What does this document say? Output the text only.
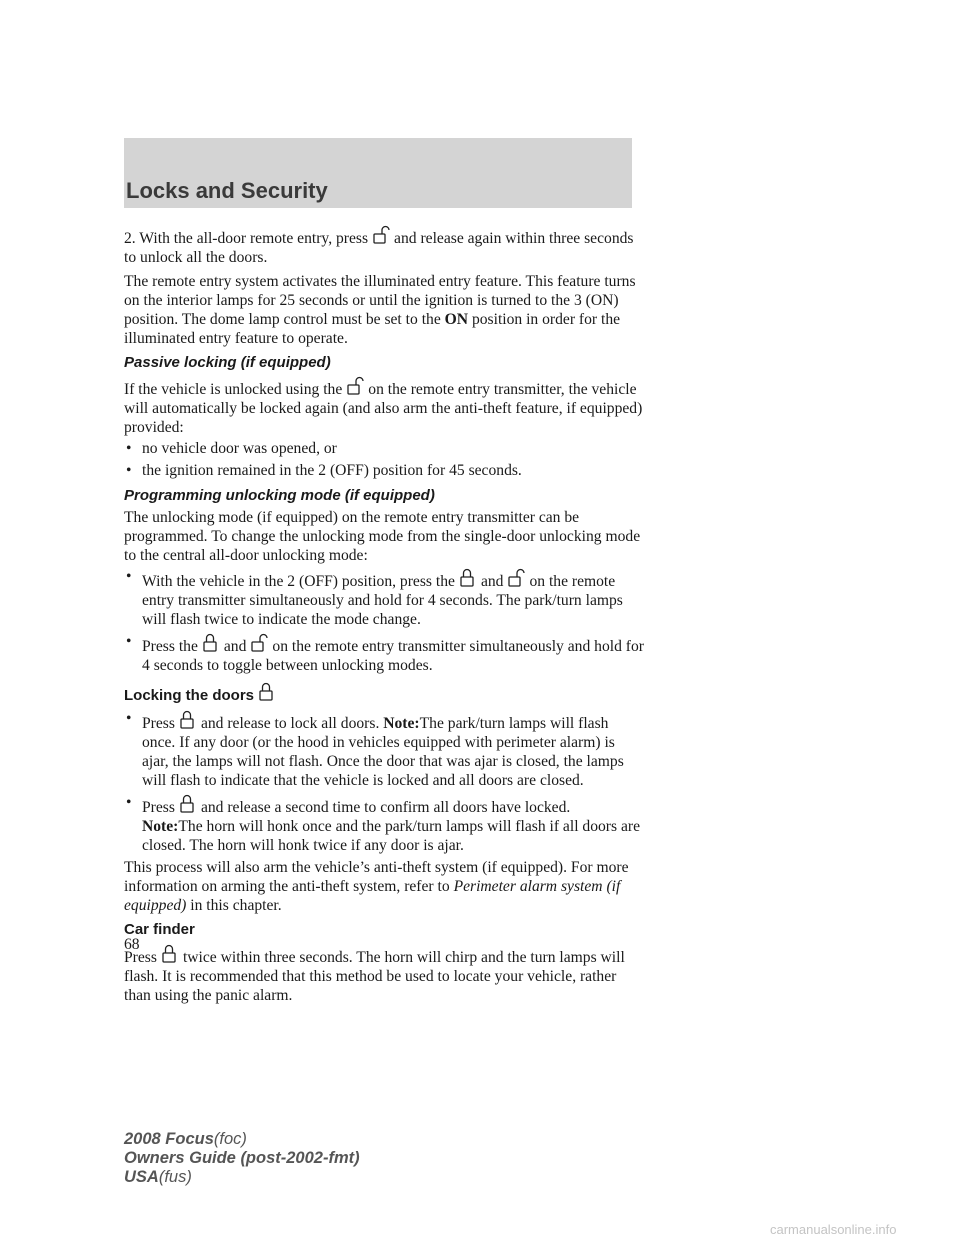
Locks and Security

2. With the all-door remote entry, press and release again within three seconds to unlock all the doors.

The remote entry system activates the illuminated entry feature. This feature turns on the interior lamps for 25 seconds or until the ignition is turned to the 3 (ON) position. The dome lamp control must be set to the ON position in order for the illuminated entry feature to operate.

Passive locking (if equipped)

If the vehicle is unlocked using the on the remote entry transmitter, the vehicle will automatically be locked again (and also arm the anti-theft feature, if equipped) provided:

• no vehicle door was opened, or
• the ignition remained in the 2 (OFF) position for 45 seconds.
Programming unlocking mode (if equipped)

The unlocking mode (if equipped) on the remote entry transmitter can be programmed. To change the unlocking mode from the single-door unlocking mode to the central all-door unlocking mode:

• With the vehicle in the 2 (OFF) position, press the and on the remote entry transmitter simultaneously and hold for 4 seconds. The park/turn lamps will flash twice to indicate the mode change.
• Press the and on the remote entry transmitter simultaneously and hold for 4 seconds to toggle between unlocking modes.
Locking the doors
• Press and release to lock all doors. Note:The park/turn lamps will flash once. If any door (or the hood in vehicles equipped with perimeter alarm) is ajar, the lamps will not flash. Once the door that was ajar is closed, the lamps will flash to indicate that the vehicle is locked and all doors are closed.
• Press and release a second time to confirm all doors have locked.
Note:The horn will honk once and the park/turn lamps will flash if all doors are closed. The horn will honk twice if any door is ajar.

This process will also arm the vehicle’s anti-theft system (if equipped). For more information on arming the anti-theft system, refer to Perimeter alarm system (if equipped) in this chapter.

Car finder

Press twice within three seconds. The horn will chirp and the turn lamps will flash. It is recommended that this method be used to locate your vehicle, rather than using the panic alarm.

68
2008 Focus(foc)
Owners Guide (post-2002-fmt)
USA(fus)
carmanualsonline.info
